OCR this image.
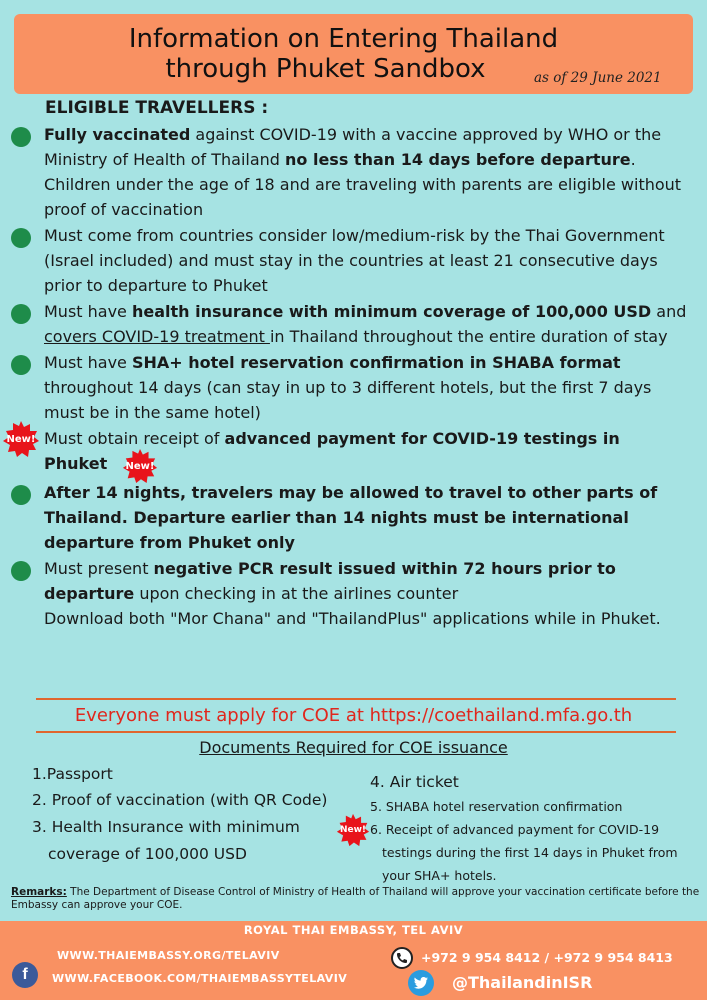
Information on Entering Thailand
through Phuket Sandbox	as of 29 June 2021
ELIGIBLE TRAVELLERS :
Fully vaccinated against COVID-19 with a vaccine approved by WHO or the Ministry of Health of Thailand no less than 14 days before departure. Children under the age of 18 and are traveling with parents are eligible without proof of vaccination
Must come from countries consider low/medium-risk by the Thai Government (Israel included) and must stay in the countries at least 21 consecutive days prior to departure to Phuket
Must have health insurance with minimum coverage of 100,000 USD and covers COVID-19 treatment in Thailand throughout the entire duration of stay
Must have SHA+ hotel reservation confirmation in SHABA format throughout 14 days (can stay in up to 3 different hotels, but the first 7 days must be in the same hotel)
New! Must obtain receipt of advanced payment for COVID-19 testings in Phuket New!
After 14 nights, travelers may be allowed to travel to other parts of Thailand. Departure earlier than 14 nights must be international departure from Phuket only
Must present negative PCR result issued within 72 hours prior to departure upon checking in at the airlines counter
Download both "Mor Chana" and "ThailandPlus" applications while in Phuket.
Everyone must apply for COE at https://coethailand.mfa.go.th
Documents Required for COE issuance
1.Passport
2. Proof of vaccination (with QR Code)
3. Health Insurance with minimum
coverage of 100,000 USD
4. Air ticket
5. SHABA hotel reservation confirmation
New! 6. Receipt of advanced payment for COVID-19
testings during the first 14 days in Phuket from
your SHA+ hotels.
Remarks: The Department of Disease Control of Ministry of Health of Thailand will approve your vaccination certificate before the Embassy can approve your COE.
ROYAL THAI EMBASSY, TEL AVIV
WWW.THAIEMBASSY.ORG/TELAVIV
f WWW.FACEBOOK.COM/THAIEMBASSYTELAVIV
+972 9 954 8412 / +972 9 954 8413
@ThailandinISR
